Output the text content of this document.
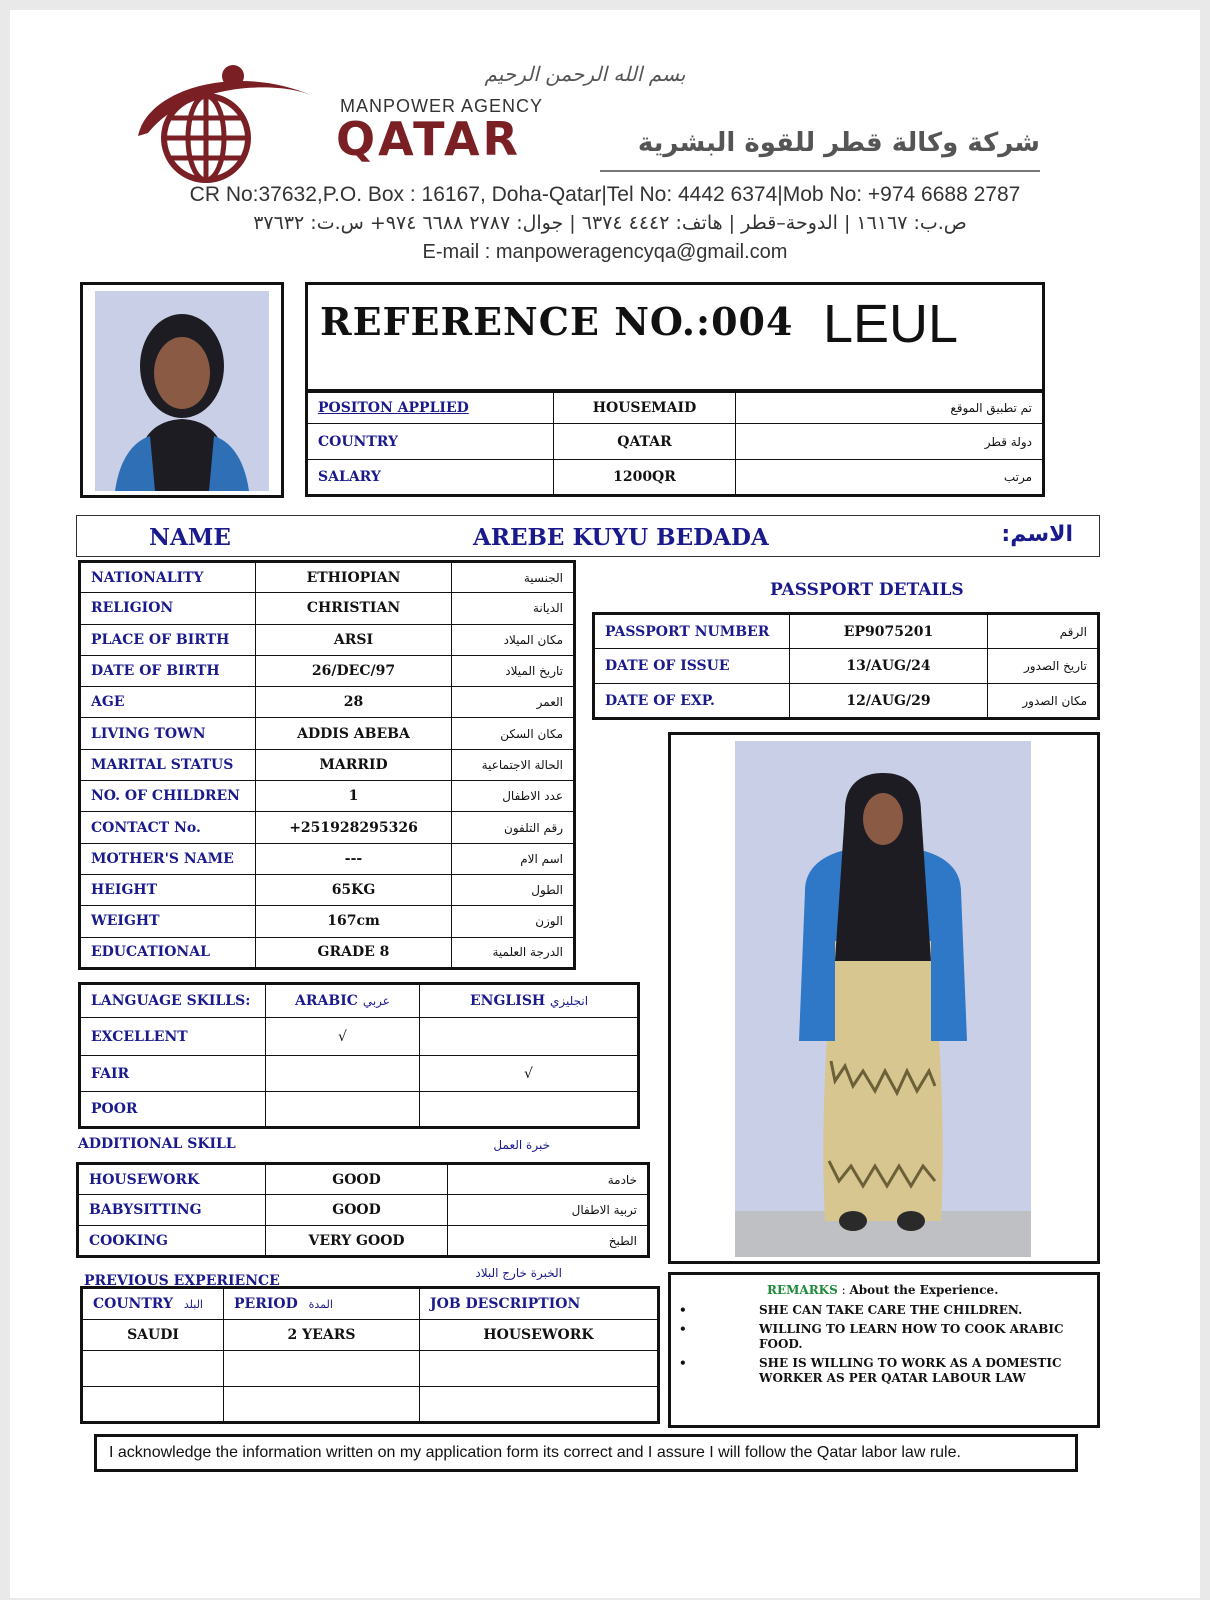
بسم الله الرحمن الرحيم
MANPOWER AGENCY
QATAR	شركة وكالة قطر للقوة البشرية
CR No:37632,P.O. Box : 16167, Doha-Qatar|Tel No: 4442 6374|Mob No: +974 6688 2787
ص.ب: ١٦١٦٧ | الدوحة–قطر | هاتف: ٤٤٤٢ ٦٣٧٤ | جوال: ٢٧٨٧ ٦٦٨٨ ٩٧٤+ س.ت: ٣٧٦٣٢
E-mail : manpoweragencyqa@gmail.com
REFERENCE NO.:004 LEUL
POSITON APPLIED	HOUSEMAID	تم تطبيق الموقع
COUNTRY	QATAR	دولة قطر
SALARY	1200QR	مرتب
NAME	AREBE KUYU BEDADA	الاسم:
NATIONALITY	ETHIOPIAN	الجنسية
RELIGION	CHRISTIAN	الديانة
PLACE OF BIRTH	ARSI	مكان الميلاد
DATE OF BIRTH	26/DEC/97	تاريخ الميلاد
AGE	28	العمر
LIVING TOWN	ADDIS ABEBA	مكان السكن
MARITAL STATUS	MARRID	الحالة الاجتماعية
NO. OF CHILDREN	1	عدد الاطفال
CONTACT No.	+251928295326	رقم التلفون
MOTHER'S NAME	---	اسم الام
HEIGHT	65KG	الطول
WEIGHT	167cm	الوزن
EDUCATIONAL	GRADE 8	الدرجة العلمية
PASSPORT DETAILS
PASSPORT NUMBER	EP9075201	الرقم
DATE OF ISSUE	13/AUG/24	تاريخ الصدور
DATE OF EXP.	12/AUG/29	مكان الصدور
LANGUAGE SKILLS:	ARABIC عربي	ENGLISH انجليزي
EXCELLENT	√	
FAIR		√
POOR		
ADDITIONAL SKILL	خبرة العمل
HOUSEWORK	GOOD	خادمة
BABYSITTING	GOOD	تربية الاطفال
COOKING	VERY GOOD	الطبخ
PREVIOUS EXPERIENCE	الخبرة خارج البلاد
COUNTRY البلد	PERIOD المدة	JOB DESCRIPTION
SAUDI	2 YEARS	HOUSEWORK

REMARKS : About the Experience.
•	SHE CAN TAKE CARE THE CHILDREN.
•	WILLING TO LEARN HOW TO COOK ARABIC FOOD.
•	SHE IS WILLING TO WORK AS A DOMESTIC WORKER AS PER QATAR LABOUR LAW
I acknowledge the information written on my application form its correct and I assure I will follow the Qatar labor law rule.
